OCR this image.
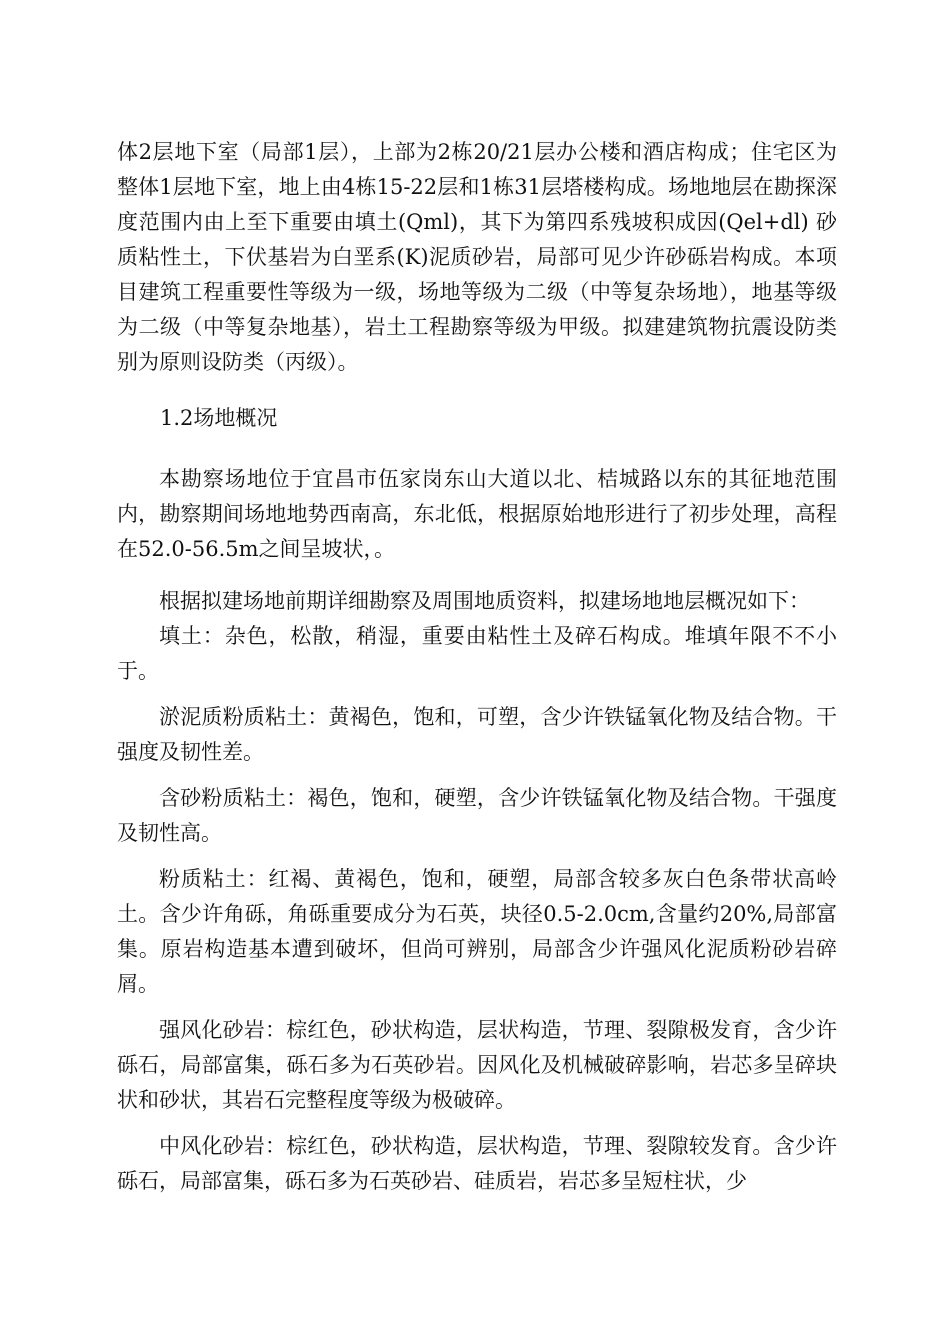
体2层地下室（局部1层），上部为2栋20/21层办公楼和酒店构成；住宅区为整体1层地下室，地上由4栋15-22层和1栋31层塔楼构成。场地地层在勘探深度范围内由上至下重要由填土(Qml)，其下为第四系残坡积成因(Qel+dl) 砂质粘性土，下伏基岩为白垩系(K)泥质砂岩，局部可见少许砂砾岩构成。本项目建筑工程重要性等级为一级，场地等级为二级（中等复杂场地），地基等级为二级（中等复杂地基），岩土工程勘察等级为甲级。拟建建筑物抗震设防类别为原则设防类（丙级）。

1.2场地概况

本勘察场地位于宜昌市伍家岗东山大道以北、桔城路以东的其征地范围内，勘察期间场地地势西南高，东北低，根据原始地形进行了初步处理，高程在52.0-56.5m之间呈坡状，。

根据拟建场地前期详细勘察及周围地质资料，拟建场地地层概况如下：

填土：杂色，松散，稍湿，重要由粘性土及碎石构成。堆填年限不不小于。

淤泥质粉质粘土：黄褐色，饱和，可塑，含少许铁锰氧化物及结合物。干强度及韧性差。

含砂粉质粘土：褐色，饱和，硬塑，含少许铁锰氧化物及结合物。干强度及韧性高。

粉质粘土：红褐、黄褐色，饱和，硬塑，局部含较多灰白色条带状高岭土。含少许角砾，角砾重要成分为石英，块径0.5-2.0cm,含量约20%,局部富集。原岩构造基本遭到破坏，但尚可辨别，局部含少许强风化泥质粉砂岩碎屑。

强风化砂岩：棕红色，砂状构造，层状构造，节理、裂隙极发育，含少许砾石，局部富集，砾石多为石英砂岩。因风化及机械破碎影响，岩芯多呈碎块状和砂状，其岩石完整程度等级为极破碎。

中风化砂岩：棕红色，砂状构造，层状构造，节理、裂隙较发育。含少许砾石，局部富集，砾石多为石英砂岩、硅质岩，岩芯多呈短柱状，少
